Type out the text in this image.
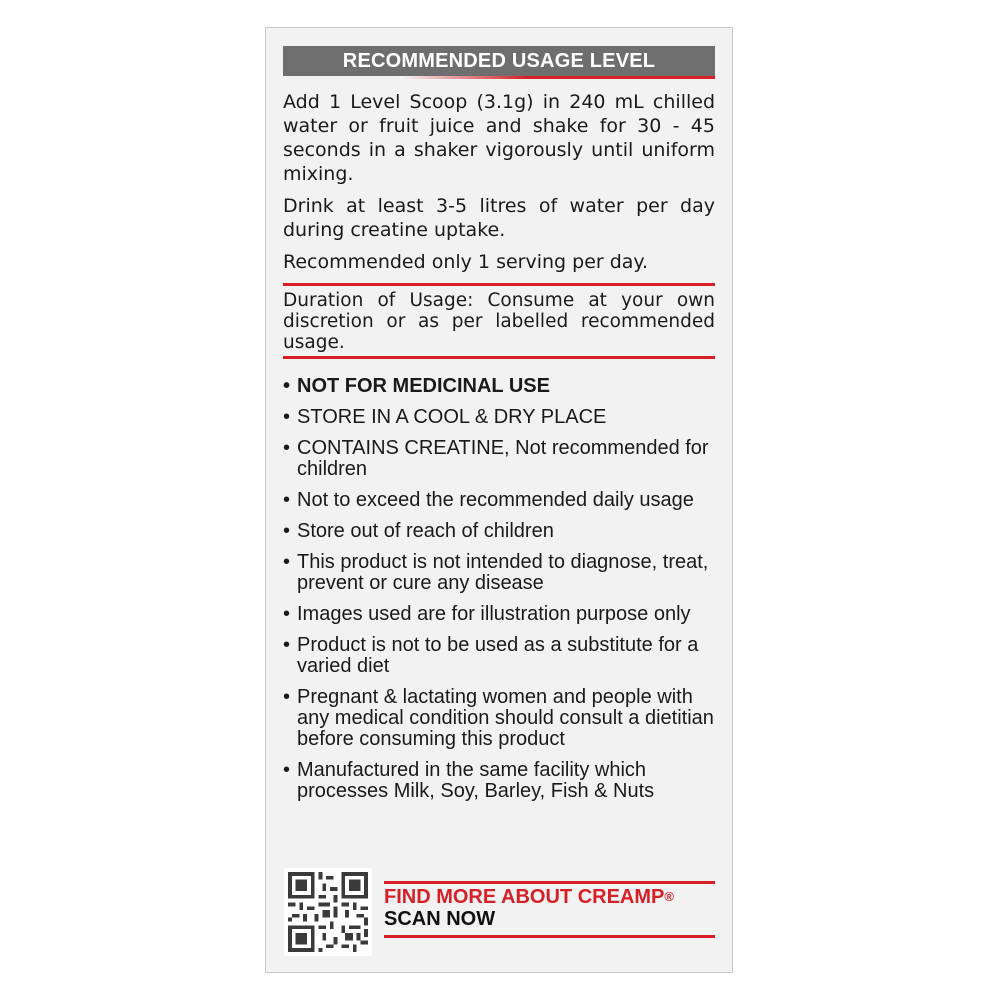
RECOMMENDED USAGE LEVEL

Add 1 Level Scoop (3.1g) in 240 mL chilled water or fruit juice and shake for 30 - 45 seconds in a shaker vigorously until uniform mixing.

Drink at least 3-5 litres of water per day during creatine uptake.

Recommended only 1 serving per day.

Duration of Usage: Consume at your own discretion or as per labelled recommended usage.
• NOT FOR MEDICINAL USE
• STORE IN A COOL & DRY PLACE
• CONTAINS CREATINE, Not recommended for children
• Not to exceed the recommended daily usage
• Store out of reach of children
• This product is not intended to diagnose, treat, prevent or cure any disease
• Images used are for illustration purpose only
• Product is not to be used as a substitute for a varied diet
• Pregnant & lactating women and people with any medical condition should consult a dietitian before consuming this product
• Manufactured in the same facility which processes Milk, Soy, Barley, Fish & Nuts
FIND MORE ABOUT CREAMP®
SCAN NOW
